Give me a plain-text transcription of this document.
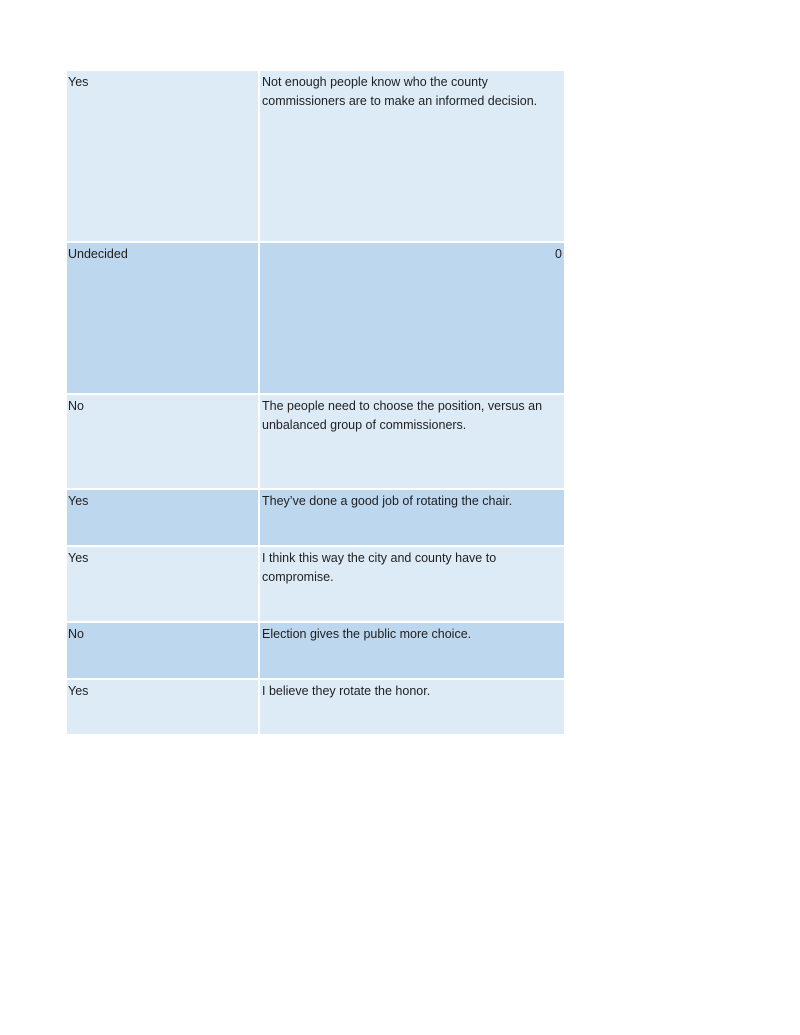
Yes	Not enough people know who the county commissioners are to make an informed decision.
Undecided	0
No	The people need to choose the position, versus an unbalanced group of commissioners.
Yes	They’ve done a good job of rotating the chair.
Yes	I think this way the city and county have to compromise.
No	Election gives the public more choice.
Yes	I believe they rotate the honor.
